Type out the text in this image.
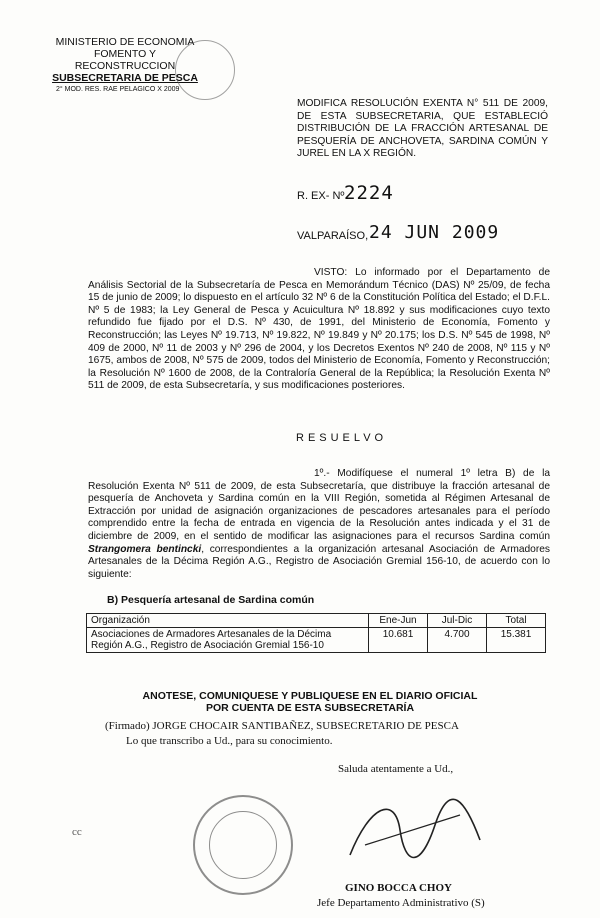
MINISTERIO DE ECONOMIA
FOMENTO Y RECONSTRUCCION
SUBSECRETARIA DE PESCA
2° MOD. RES. RAE PELAGICO X 2009
MODIFICA RESOLUCIÓN EXENTA N° 511 DE 2009, DE ESTA SUBSECRETARIA, QUE ESTABLECIÓ DISTRIBUCIÓN DE LA FRACCIÓN ARTESANAL DE PESQUERÍA DE ANCHOVETA, SARDINA COMÚN Y JUREL EN LA X REGIÓN.
R. EX- Nº 2224
VALPARAÍSO, 24 JUN 2009
VISTO: Lo informado por el Departamento de Análisis Sectorial de la Subsecretaría de Pesca en Memorándum Técnico (DAS) Nº 25/09, de fecha 15 de junio de 2009; lo dispuesto en el artículo 32 Nº 6 de la Constitución Política del Estado; el D.F.L. Nº 5 de 1983; la Ley General de Pesca y Acuicultura Nº 18.892 y sus modificaciones cuyo texto refundido fue fijado por el D.S. Nº 430, de 1991, del Ministerio de Economía, Fomento y Reconstrucción; las Leyes Nº 19.713, Nº 19.822, Nº 19.849 y Nº 20.175; los D.S. Nº 545 de 1998, Nº 409 de 2000, Nº 11 de 2003 y Nº 296 de 2004, y los Decretos Exentos Nº 240 de 2008, Nº 115 y Nº 1675, ambos de 2008, Nº 575 de 2009, todos del Ministerio de Economía, Fomento y Reconstrucción; la Resolución Nº 1600 de 2008, de la Contraloría General de la República; la Resolución Exenta Nº 511 de 2009, de esta Subsecretaría, y sus modificaciones posteriores.
RESUELVO
1º.- Modifíquese el numeral 1º letra B) de la Resolución Exenta Nº 511 de 2009, de esta Subsecretaría, que distribuye la fracción artesanal de pesquería de Anchoveta y Sardina común en la VIII Región, sometida al Régimen Artesanal de Extracción por unidad de asignación organizaciones de pescadores artesanales para el período comprendido entre la fecha de entrada en vigencia de la Resolución antes indicada y el 31 de diciembre de 2009, en el sentido de modificar las asignaciones para el recursos Sardina común Strangomera bentincki, correspondientes a la organización artesanal Asociación de Armadores Artesanales de la Décima Región A.G., Registro de Asociación Gremial 156-10, de acuerdo con lo siguiente:
B) Pesquería artesanal de Sardina común
Organización	Ene-Jun	Jul-Dic	Total
Asociaciones de Armadores Artesanales de la Décima Región A.G., Registro de Asociación Gremial 156-10	10.681	4.700	15.381
ANOTESE, COMUNIQUESE Y PUBLIQUESE EN EL DIARIO OFICIAL
POR CUENTA DE ESTA SUBSECRETARÍA
(Firmado) JORGE CHOCAIR SANTIBAÑEZ, SUBSECRETARIO DE PESCA
Lo que transcribo a Ud., para su conocimiento.
Saluda atentamente a Ud.,
cc
GINO BOCCA CHOY
Jefe Departamento Administrativo (S)
